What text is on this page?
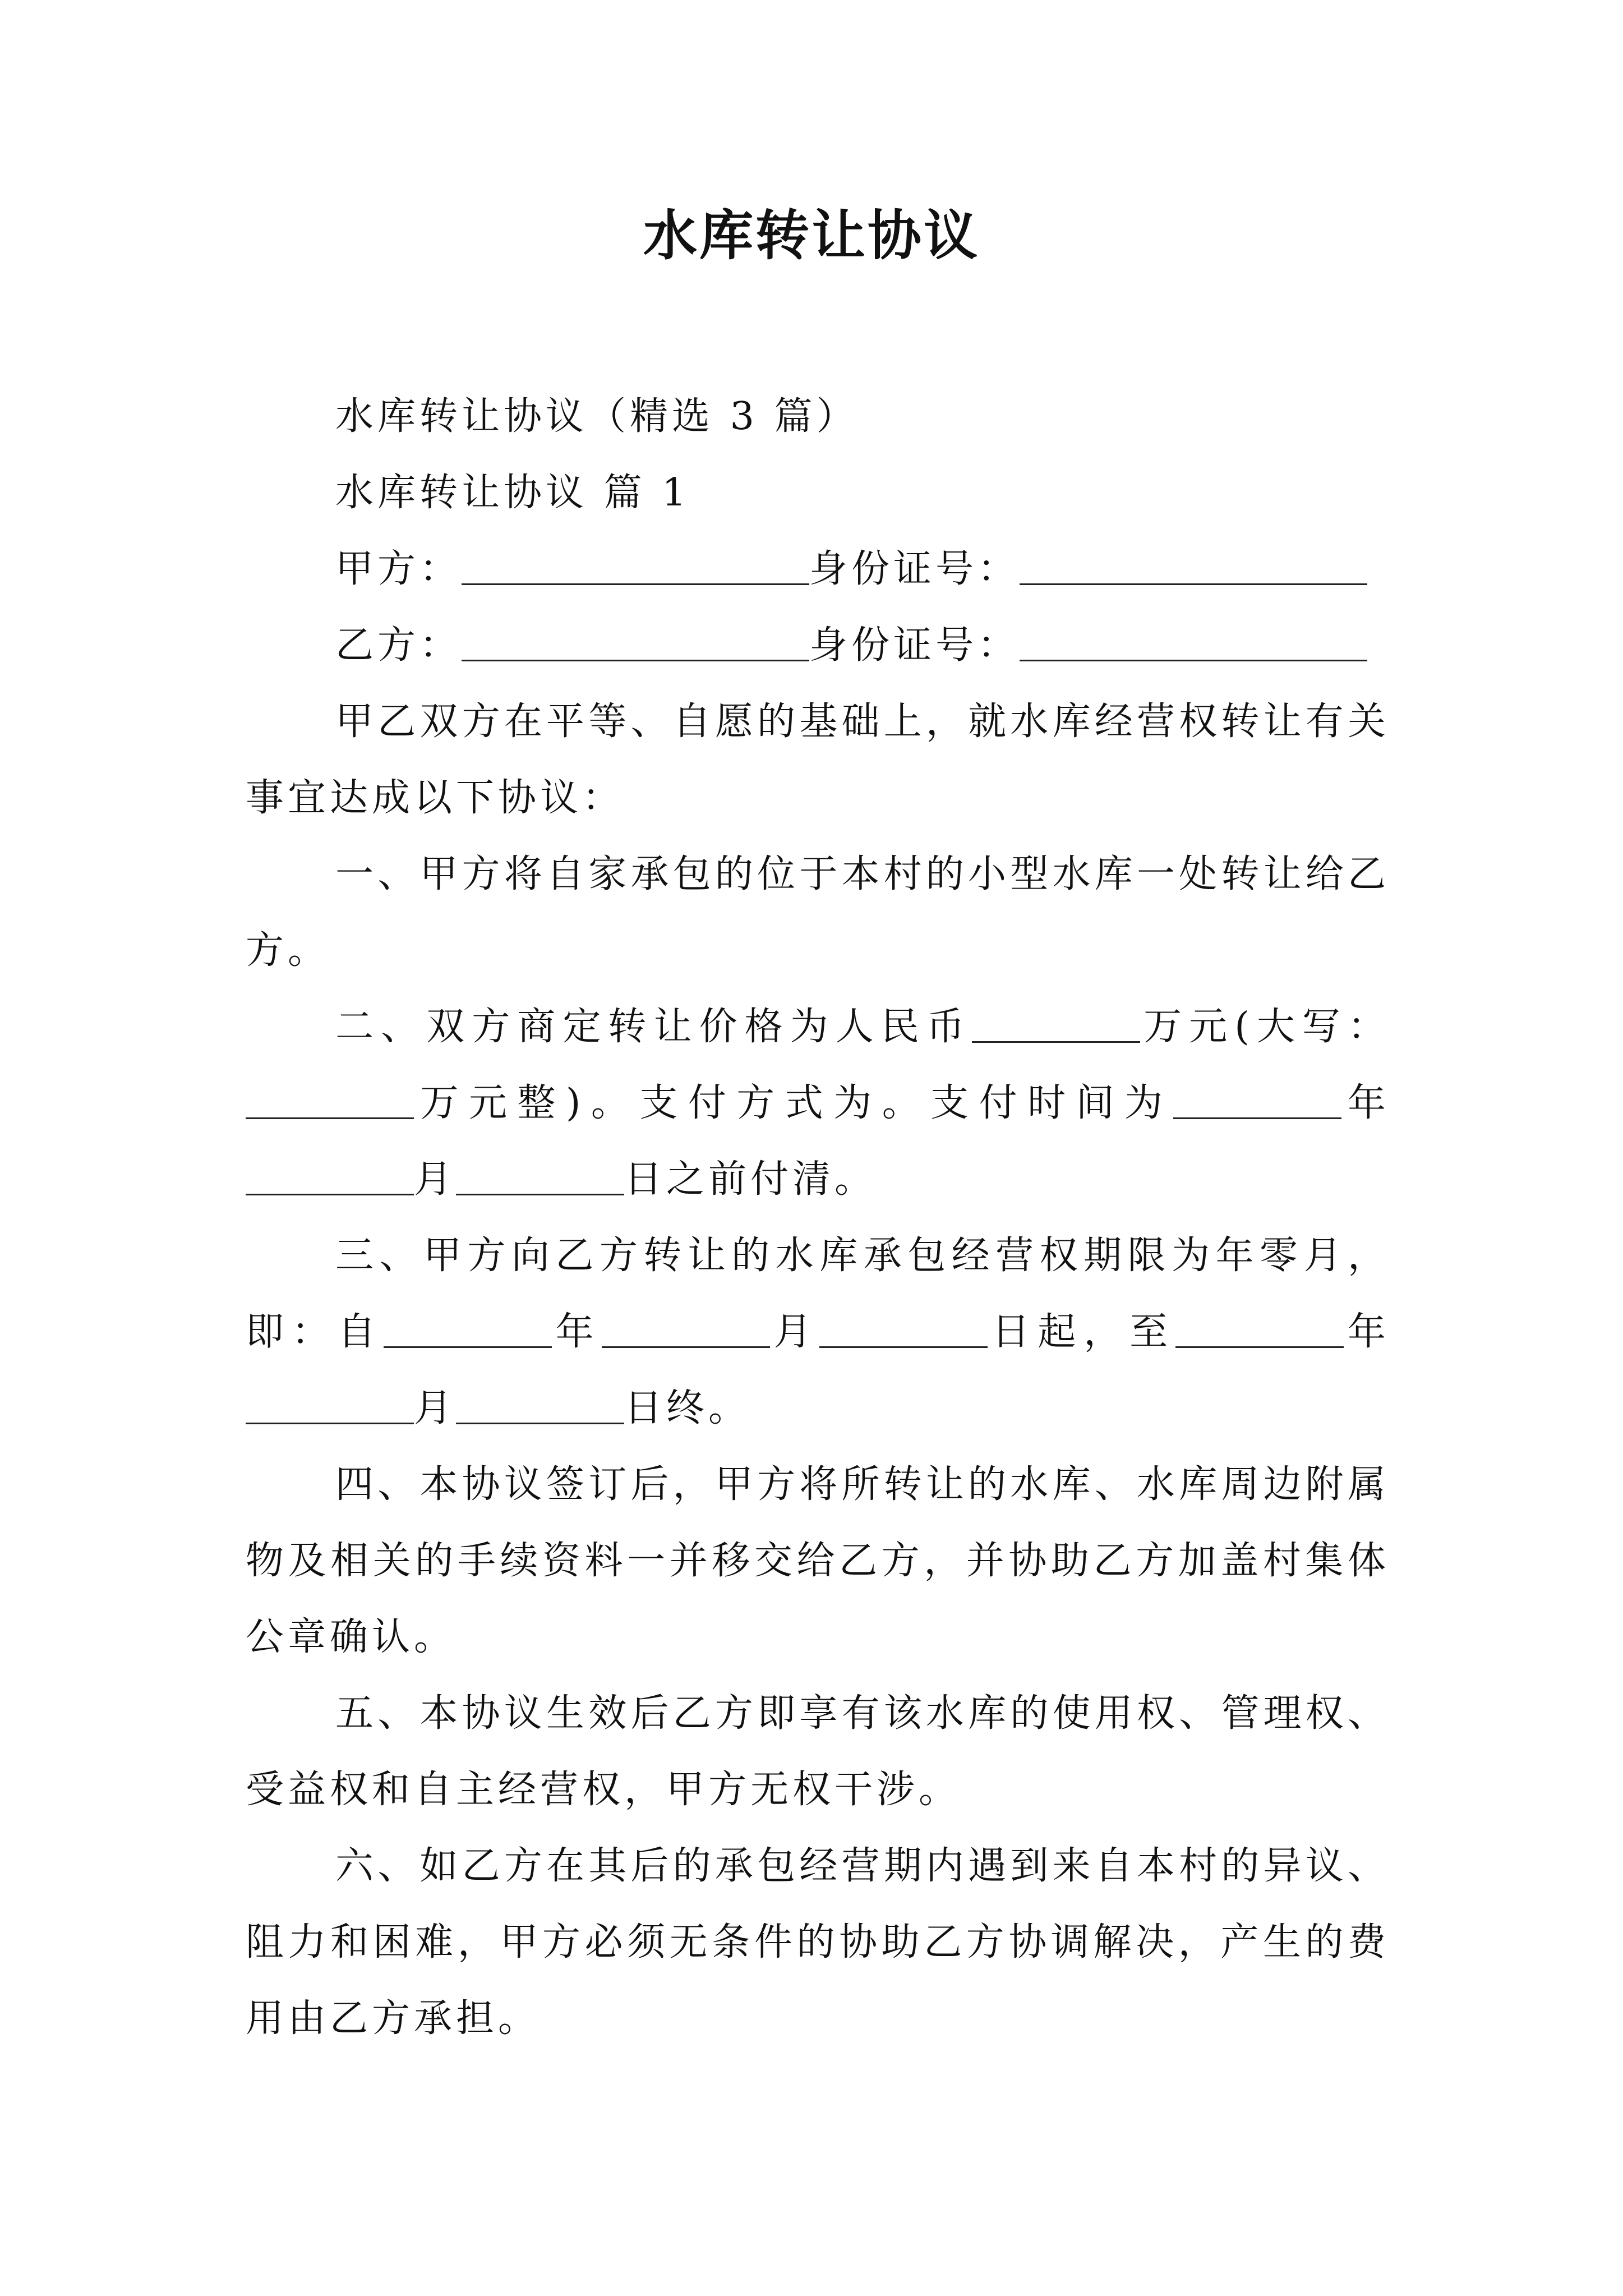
水库转让协议

水库转让协议（精选 3 篇）

水库转让协议 篇 1

甲方：	身份证号：

乙方：	身份证号：

甲乙双方在平等、自愿的基础上，就水库经营权转让有关事宜达成以下协议：

一、甲方将自家承包的位于本村的小型水库一处转让给乙方。

二、双方商定转让价格为人民币	万元(大写：万元整)。支付方式为。支付时间为	年月	日之前付清。

三、甲方向乙方转让的水库承包经营权期限为年零月，即：自	年	月	日起，至	年月	日终。

四、本协议签订后，甲方将所转让的水库、水库周边附属物及相关的手续资料一并移交给乙方，并协助乙方加盖村集体公章确认。

五、本协议生效后乙方即享有该水库的使用权、管理权、受益权和自主经营权，甲方无权干涉。

六、如乙方在其后的承包经营期内遇到来自本村的异议、阻力和困难，甲方必须无条件的协助乙方协调解决，产生的费用由乙方承担。
